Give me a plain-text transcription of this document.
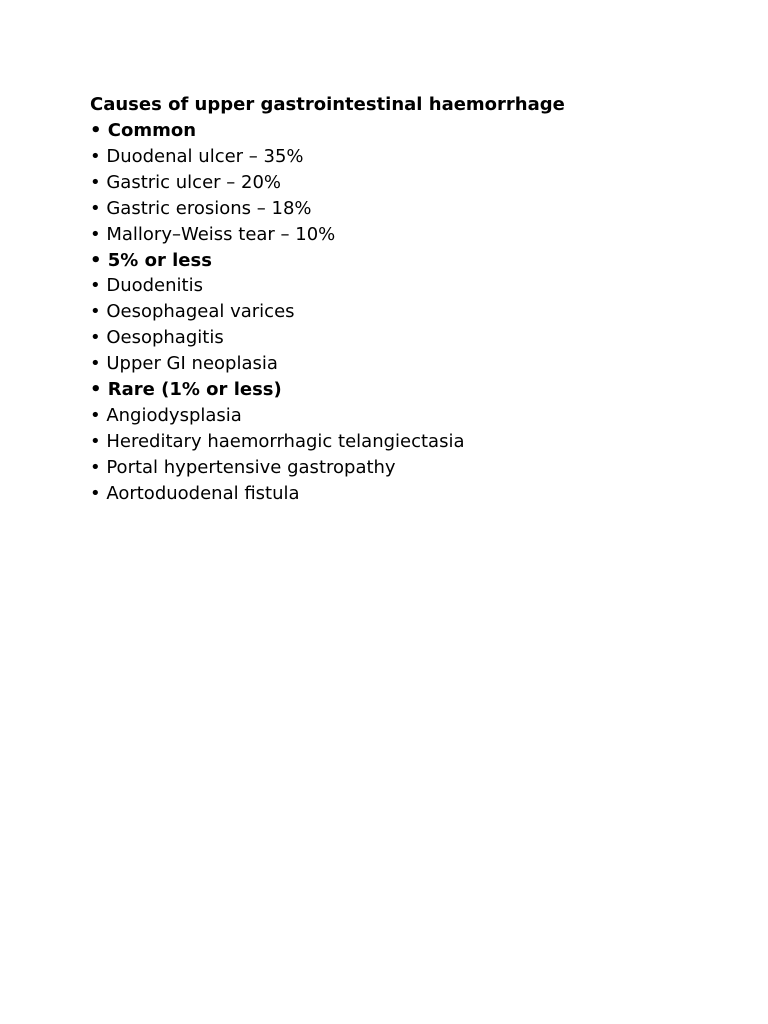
Causes of upper gastrointestinal haemorrhage
• Common
• Duodenal ulcer – 35%
• Gastric ulcer – 20%
• Gastric erosions – 18%
• Mallory–Weiss tear – 10%
• 5% or less
• Duodenitis
• Oesophageal varices
• Oesophagitis
• Upper GI neoplasia
• Rare (1% or less)
• Angiodysplasia
• Hereditary haemorrhagic telangiectasia
• Portal hypertensive gastropathy
• Aortoduodenal fistula
